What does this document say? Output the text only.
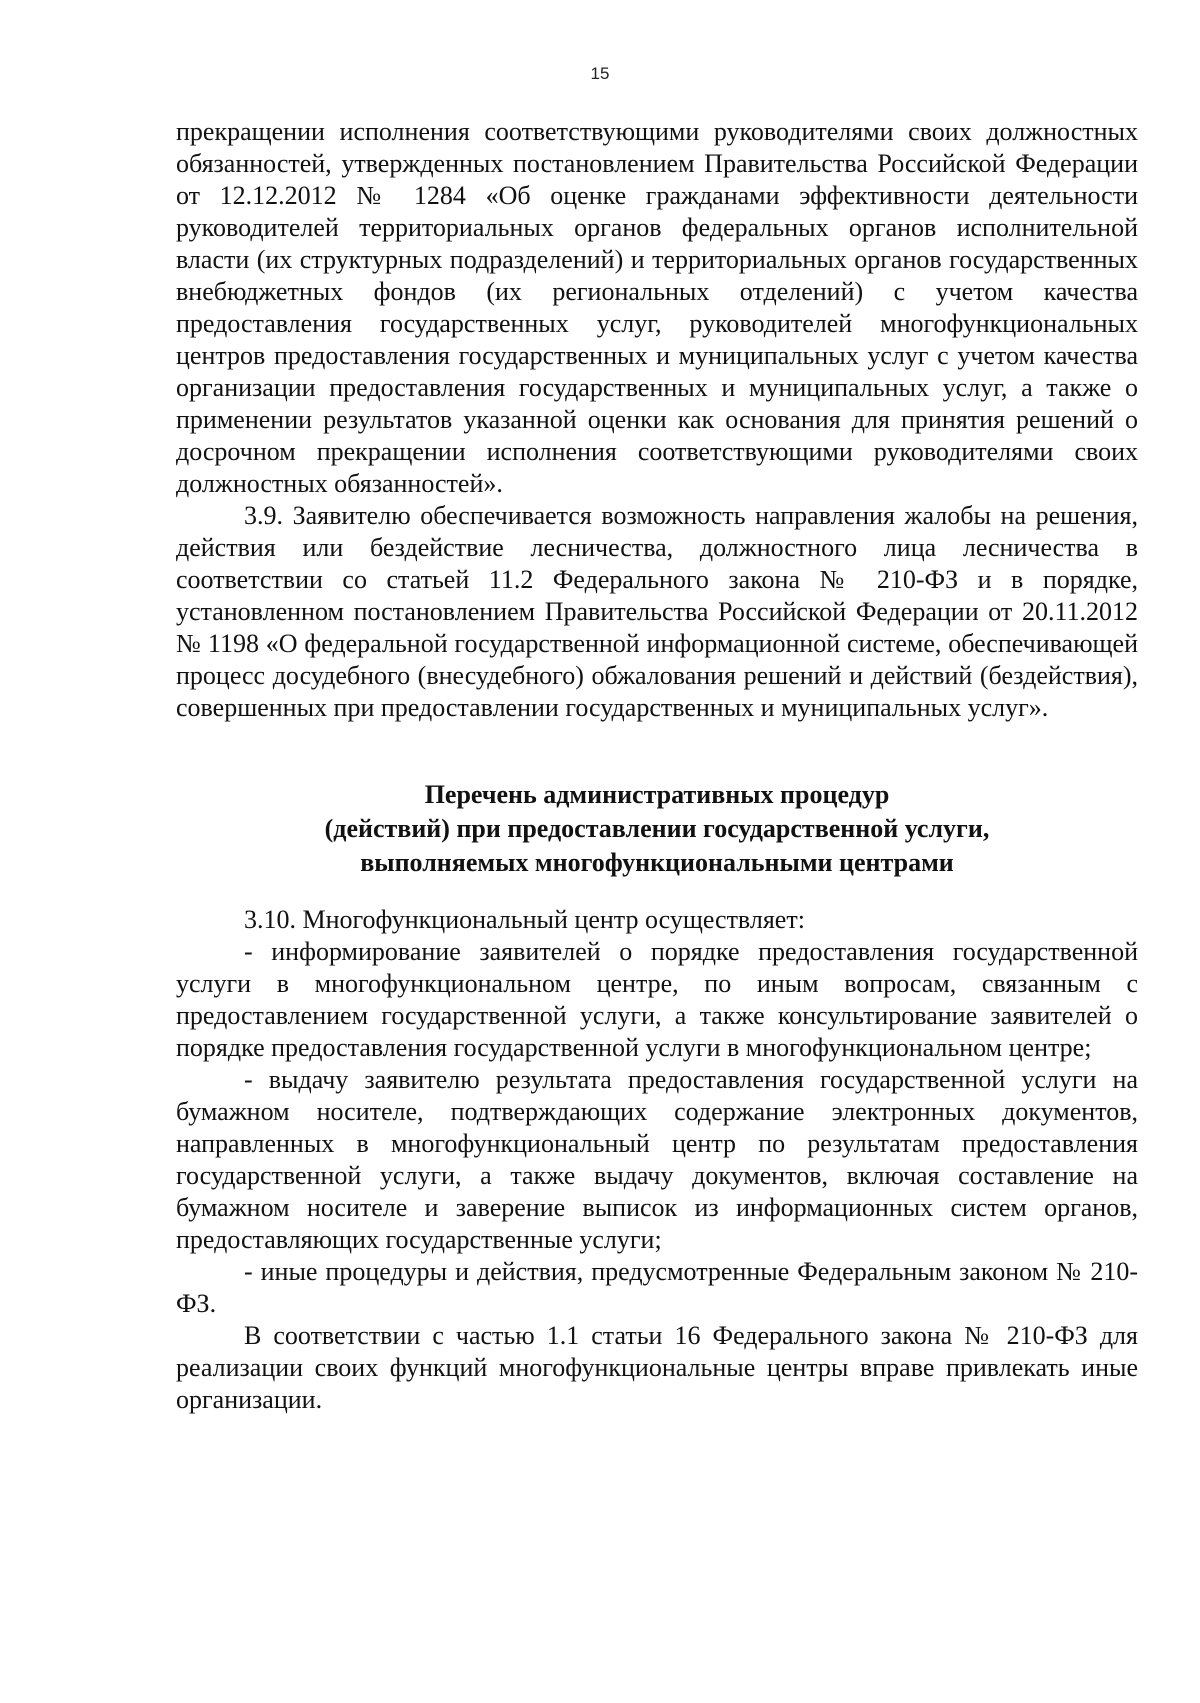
15

прекращении исполнения соответствующими руководителями своих должностных обязанностей, утвержденных постановлением Правительства Российской Федерации от 12.12.2012 № 1284 «Об оценке гражданами эффективности деятельности руководителей территориальных органов федеральных органов исполнительной власти (их структурных подразделений) и территориальных органов государственных внебюджетных фондов (их региональных отделений) с учетом качества предоставления государственных услуг, руководителей многофункциональных центров предоставления государственных и муниципальных услуг с учетом качества организации предоставления государственных и муниципальных услуг, а также о применении результатов указанной оценки как основания для принятия решений о досрочном прекращении исполнения соответствующими руководителями своих должностных обязанностей».

3.9. Заявителю обеспечивается возможность направления жалобы на решения, действия или бездействие лесничества, должностного лица лесничества в соответствии со статьей 11.2 Федерального закона № 210-ФЗ и в порядке, установленном постановлением Правительства Российской Федерации от 20.11.2012 № 1198 «О федеральной государственной информационной системе, обеспечивающей процесс досудебного (внесудебного) обжалования решений и действий (бездействия), совершенных при предоставлении государственных и муниципальных услуг».

Перечень административных процедур
(действий) при предоставлении государственной услуги,
выполняемых многофункциональными центрами

3.10. Многофункциональный центр осуществляет:

- информирование заявителей о порядке предоставления государственной услуги в многофункциональном центре, по иным вопросам, связанным с предоставлением государственной услуги, а также консультирование заявителей о порядке предоставления государственной услуги в многофункциональном центре;

- выдачу заявителю результата предоставления государственной услуги на бумажном носителе, подтверждающих содержание электронных документов, направленных в многофункциональный центр по результатам предоставления государственной услуги, а также выдачу документов, включая составление на бумажном носителе и заверение выписок из информационных систем органов, предоставляющих государственные услуги;

- иные процедуры и действия, предусмотренные Федеральным законом № 210-ФЗ.

В соответствии с частью 1.1 статьи 16 Федерального закона № 210-ФЗ для реализации своих функций многофункциональные центры вправе привлекать иные организации.
